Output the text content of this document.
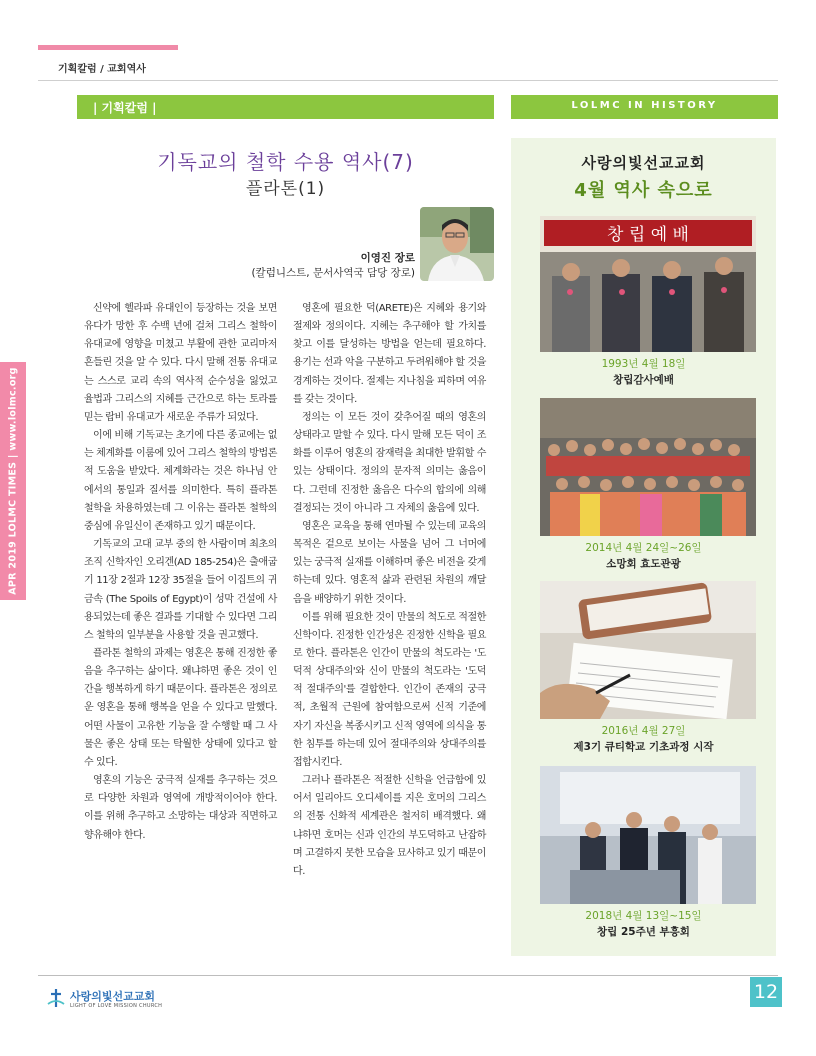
기획칼럼 / 교회역사
APR 2019 LOLMC TIMES | www.lolmc.org
| 기획칼럼 |
기독교의 철학 수용 역사(7)
플라톤(1)
이영진 장로
(칼럼니스트, 문서사역국 담당 장로)

신약에 헬라파 유대인이 등장하는 것을 보면 유다가 망한 후 수백 년에 걸쳐 그리스 철학이 유대교에 영향을 미쳤고 부활에 관한 교리마저 흔들린 것을 알 수 있다. 다시 말해 전통 유대교는 스스로 교리 속의 역사적 순수성을 잃었고 율법과 그리스의 지혜를 근간으로 하는 토라를 믿는 랍비 유대교가 새로운 주류가 되었다.

이에 비해 기독교는 초기에 다른 종교에는 없는 체계화를 이룸에 있어 그리스 철학의 방법론적 도움을 받았다. 체계화라는 것은 하나님 안에서의 통일과 질서를 의미한다. 특히 플라톤 철학을 차용하였는데 그 이유는 플라톤 철학의 중심에 유일신이 존재하고 있기 때문이다.

기독교의 고대 교부 중의 한 사람이며 최초의 조직 신학자인 오리겐(AD 185-254)은 출애굽기 11장 2절과 12장 35절을 들어 이집트의 귀금속 (The Spoils of Egypt)이 성막 건설에 사용되었는데 좋은 결과를 기대할 수 있다면 그리스 철학의 일부분을 사용할 것을 권고했다.

플라톤 철학의 과제는 영혼은 통해 진정한 좋음을 추구하는 삶이다. 왜냐하면 좋은 것이 인간을 행복하게 하기 때문이다. 플라톤은 정의로운 영혼을 통해 행복을 얻을 수 있다고 말했다. 어떤 사물이 고유한 기능을 잘 수행할 때 그 사물은 좋은 상태 또는 탁월한 상태에 있다고 할 수 있다.

영혼의 기능은 궁극적 실재를 추구하는 것으로 다양한 차원과 영역에 개방적이어야 한다. 이를 위해 추구하고 소망하는 대상과 직면하고 향유해야 한다.

영혼에 필요한 덕(ARETE)은 지혜와 용기와 절제와 정의이다. 지혜는 추구해야 할 가치를 찾고 이를 달성하는 방법을 얻는데 필요하다. 용기는 선과 악을 구분하고 두려워해야 할 것을 경계하는 것이다. 절제는 지나침을 피하며 여유를 갖는 것이다.

정의는 이 모든 것이 갖추어질 때의 영혼의 상태라고 말할 수 있다. 다시 말해 모든 덕이 조화를 이루어 영혼의 잠재력을 최대한 발휘할 수 있는 상태이다. 정의의 문자적 의미는 옳음이다. 그런데 진정한 옳음은 다수의 합의에 의해 결정되는 것이 아니라 그 자체의 옳음에 있다.

영혼은 교육을 통해 연마될 수 있는데 교육의 목적은 겉으로 보이는 사물을 넘어 그 너머에 있는 궁극적 실재를 이해하며 좋은 비전을 갖게 하는데 있다. 영혼적 삶과 관련된 차원의 깨달음을 배양하기 위한 것이다.

이를 위해 필요한 것이 만물의 척도로 적절한 신학이다. 진정한 인간성은 진정한 신학을 필요로 한다. 플라톤은 인간이 만물의 척도라는 '도덕적 상대주의'와 신이 만물의 척도라는 '도덕적 절대주의'를 결합한다. 인간이 존재의 궁극적, 초월적 근원에 참여함으로써 신적 기준에 자기 자신을 복종시키고 신적 영역에 의식을 통한 침투를 하는데 있어 절대주의와 상대주의를 접합시킨다.

그러나 플라톤은 적절한 신학을 언급함에 있어서 일리아드 오디세이를 지은 호머의 그리스의 전통 신화적 세계관은 철저히 배격했다. 왜냐하면 호머는 신과 인간의 부도덕하고 난잡하며 고결하지 못한 모습을 묘사하고 있기 때문이다.

LOLMC IN HISTORY
사랑의빛선교교회
4월 역사 속으로
창 립 예 배
1993년 4월 18일
창립감사예배
2014년 4월 24일~26일
소망회 효도관광
2016년 4월 27일
제3기 큐티학교 기초과정 시작
2018년 4월 13일~15일
창립 25주년 부흥회
사랑의빛선교교회
LIGHT OF LOVE MISSION CHURCH
12
